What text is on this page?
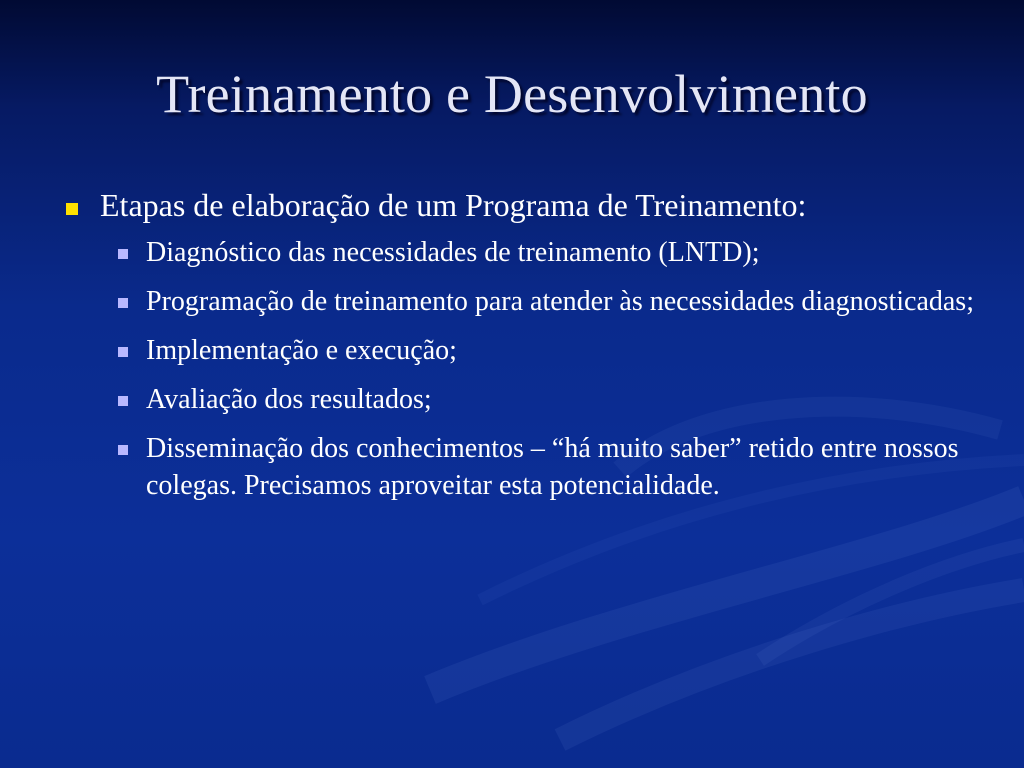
Treinamento e Desenvolvimento
Etapas de elaboração de um Programa de Treinamento:
Diagnóstico das necessidades de treinamento (LNTD);
Programação de treinamento para atender às necessidades diagnosticadas;
Implementação e execução;
Avaliação dos resultados;
Disseminação dos conhecimentos – “há muito saber” retido entre nossos colegas. Precisamos aproveitar esta potencialidade.
